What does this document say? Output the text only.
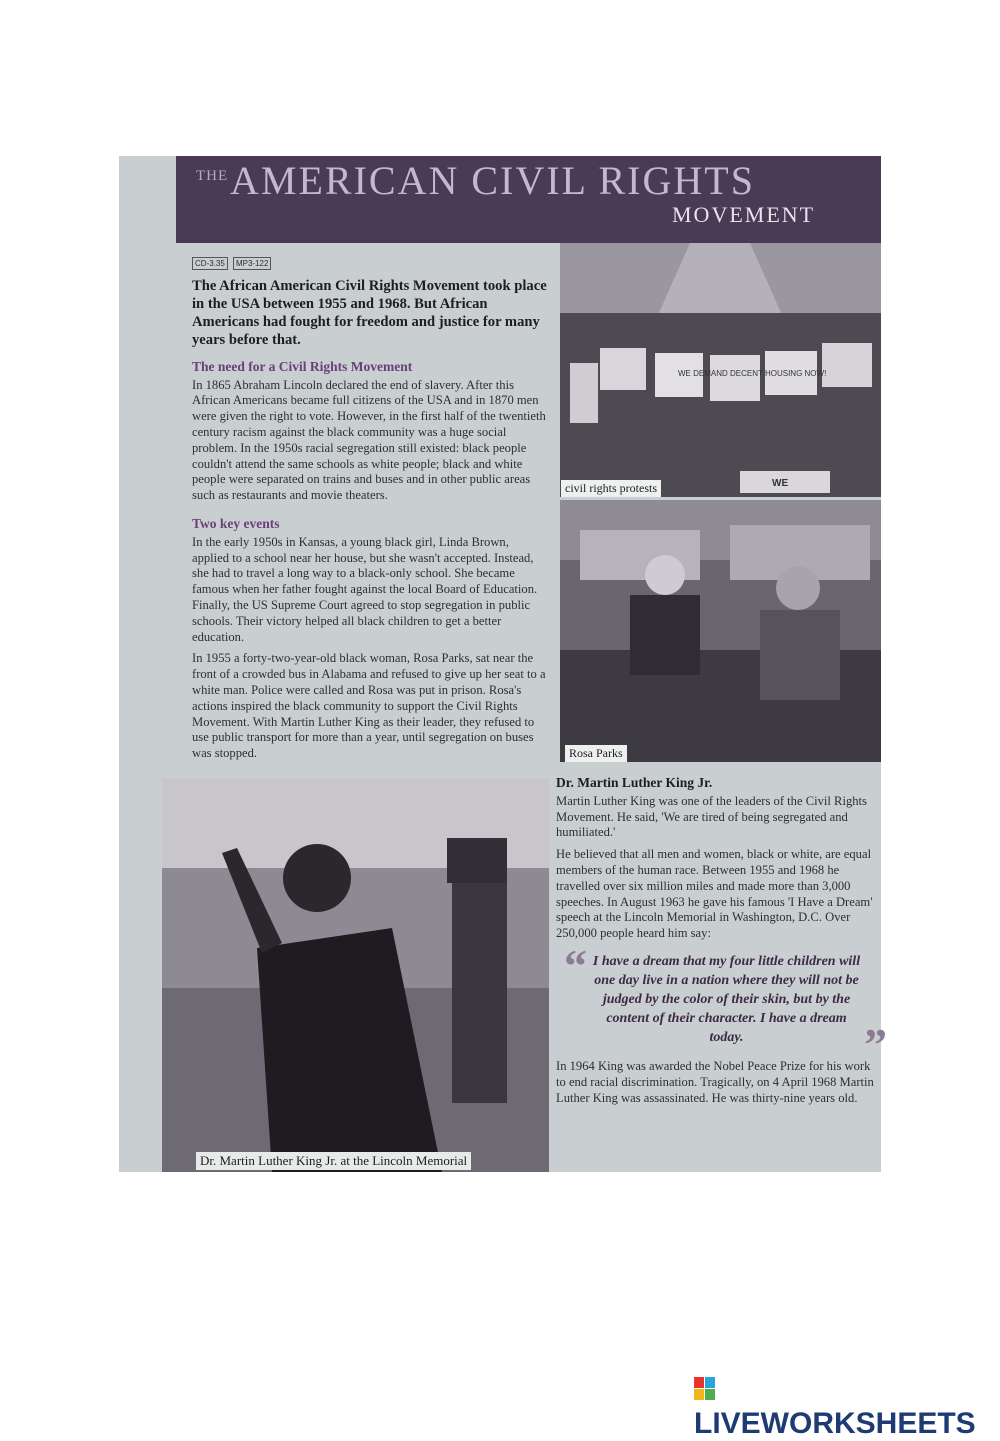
THE AMERICAN CIVIL RIGHTS
MOVEMENT
CD-3.35 MP3-122
The African American Civil Rights Movement took place in the USA between 1955 and 1968. But African Americans had fought for freedom and justice for many years before that.
The need for a Civil Rights Movement

In 1865 Abraham Lincoln declared the end of slavery. After this African Americans became full citizens of the USA and in 1870 men were given the right to vote. However, in the first half of the twentieth century racism against the black community was a huge social problem. In the 1950s racial segregation still existed: black people couldn't attend the same schools as white people; black and white people were separated on trains and buses and in other public areas such as restaurants and movie theaters.

Two key events

In the early 1950s in Kansas, a young black girl, Linda Brown, applied to a school near her house, but she wasn't accepted. Instead, she had to travel a long way to a black-only school. She became famous when her father fought against the local Board of Education. Finally, the US Supreme Court agreed to stop segregation in public schools. Their victory helped all black children to get a better education.

In 1955 a forty-two-year-old black woman, Rosa Parks, sat near the front of a crowded bus in Alabama and refused to give up her seat to a white man. Police were called and Rosa was put in prison. Rosa's actions inspired the black community to support the Civil Rights Movement. With Martin Luther King as their leader, they refused to use public transport for more than a year, until segregation on buses was stopped.

WE DEMAND DECENT HOUSING NOW!
WE
civil rights protests
Rosa Parks
Dr. Martin Luther King Jr. at the Lincoln Memorial
Dr. Martin Luther King Jr.

Martin Luther King was one of the leaders of the Civil Rights Movement. He said, 'We are tired of being segregated and humiliated.'

He believed that all men and women, black or white, are equal members of the human race. Between 1955 and 1968 he travelled over six million miles and made more than 3,000 speeches. In August 1963 he gave his famous 'I Have a Dream' speech at the Lincoln Memorial in Washington, D.C. Over 250,000 people heard him say:

“ I have a dream that my four little children will one day live in a nation where they will not be judged by the color of their skin, but by the content of their character. I have a dream today.	”

In 1964 King was awarded the Nobel Peace Prize for his work to end racial discrimination. Tragically, on 4 April 1968 Martin Luther King was assassinated. He was thirty-nine years old.

LIVEWORKSHEETS
